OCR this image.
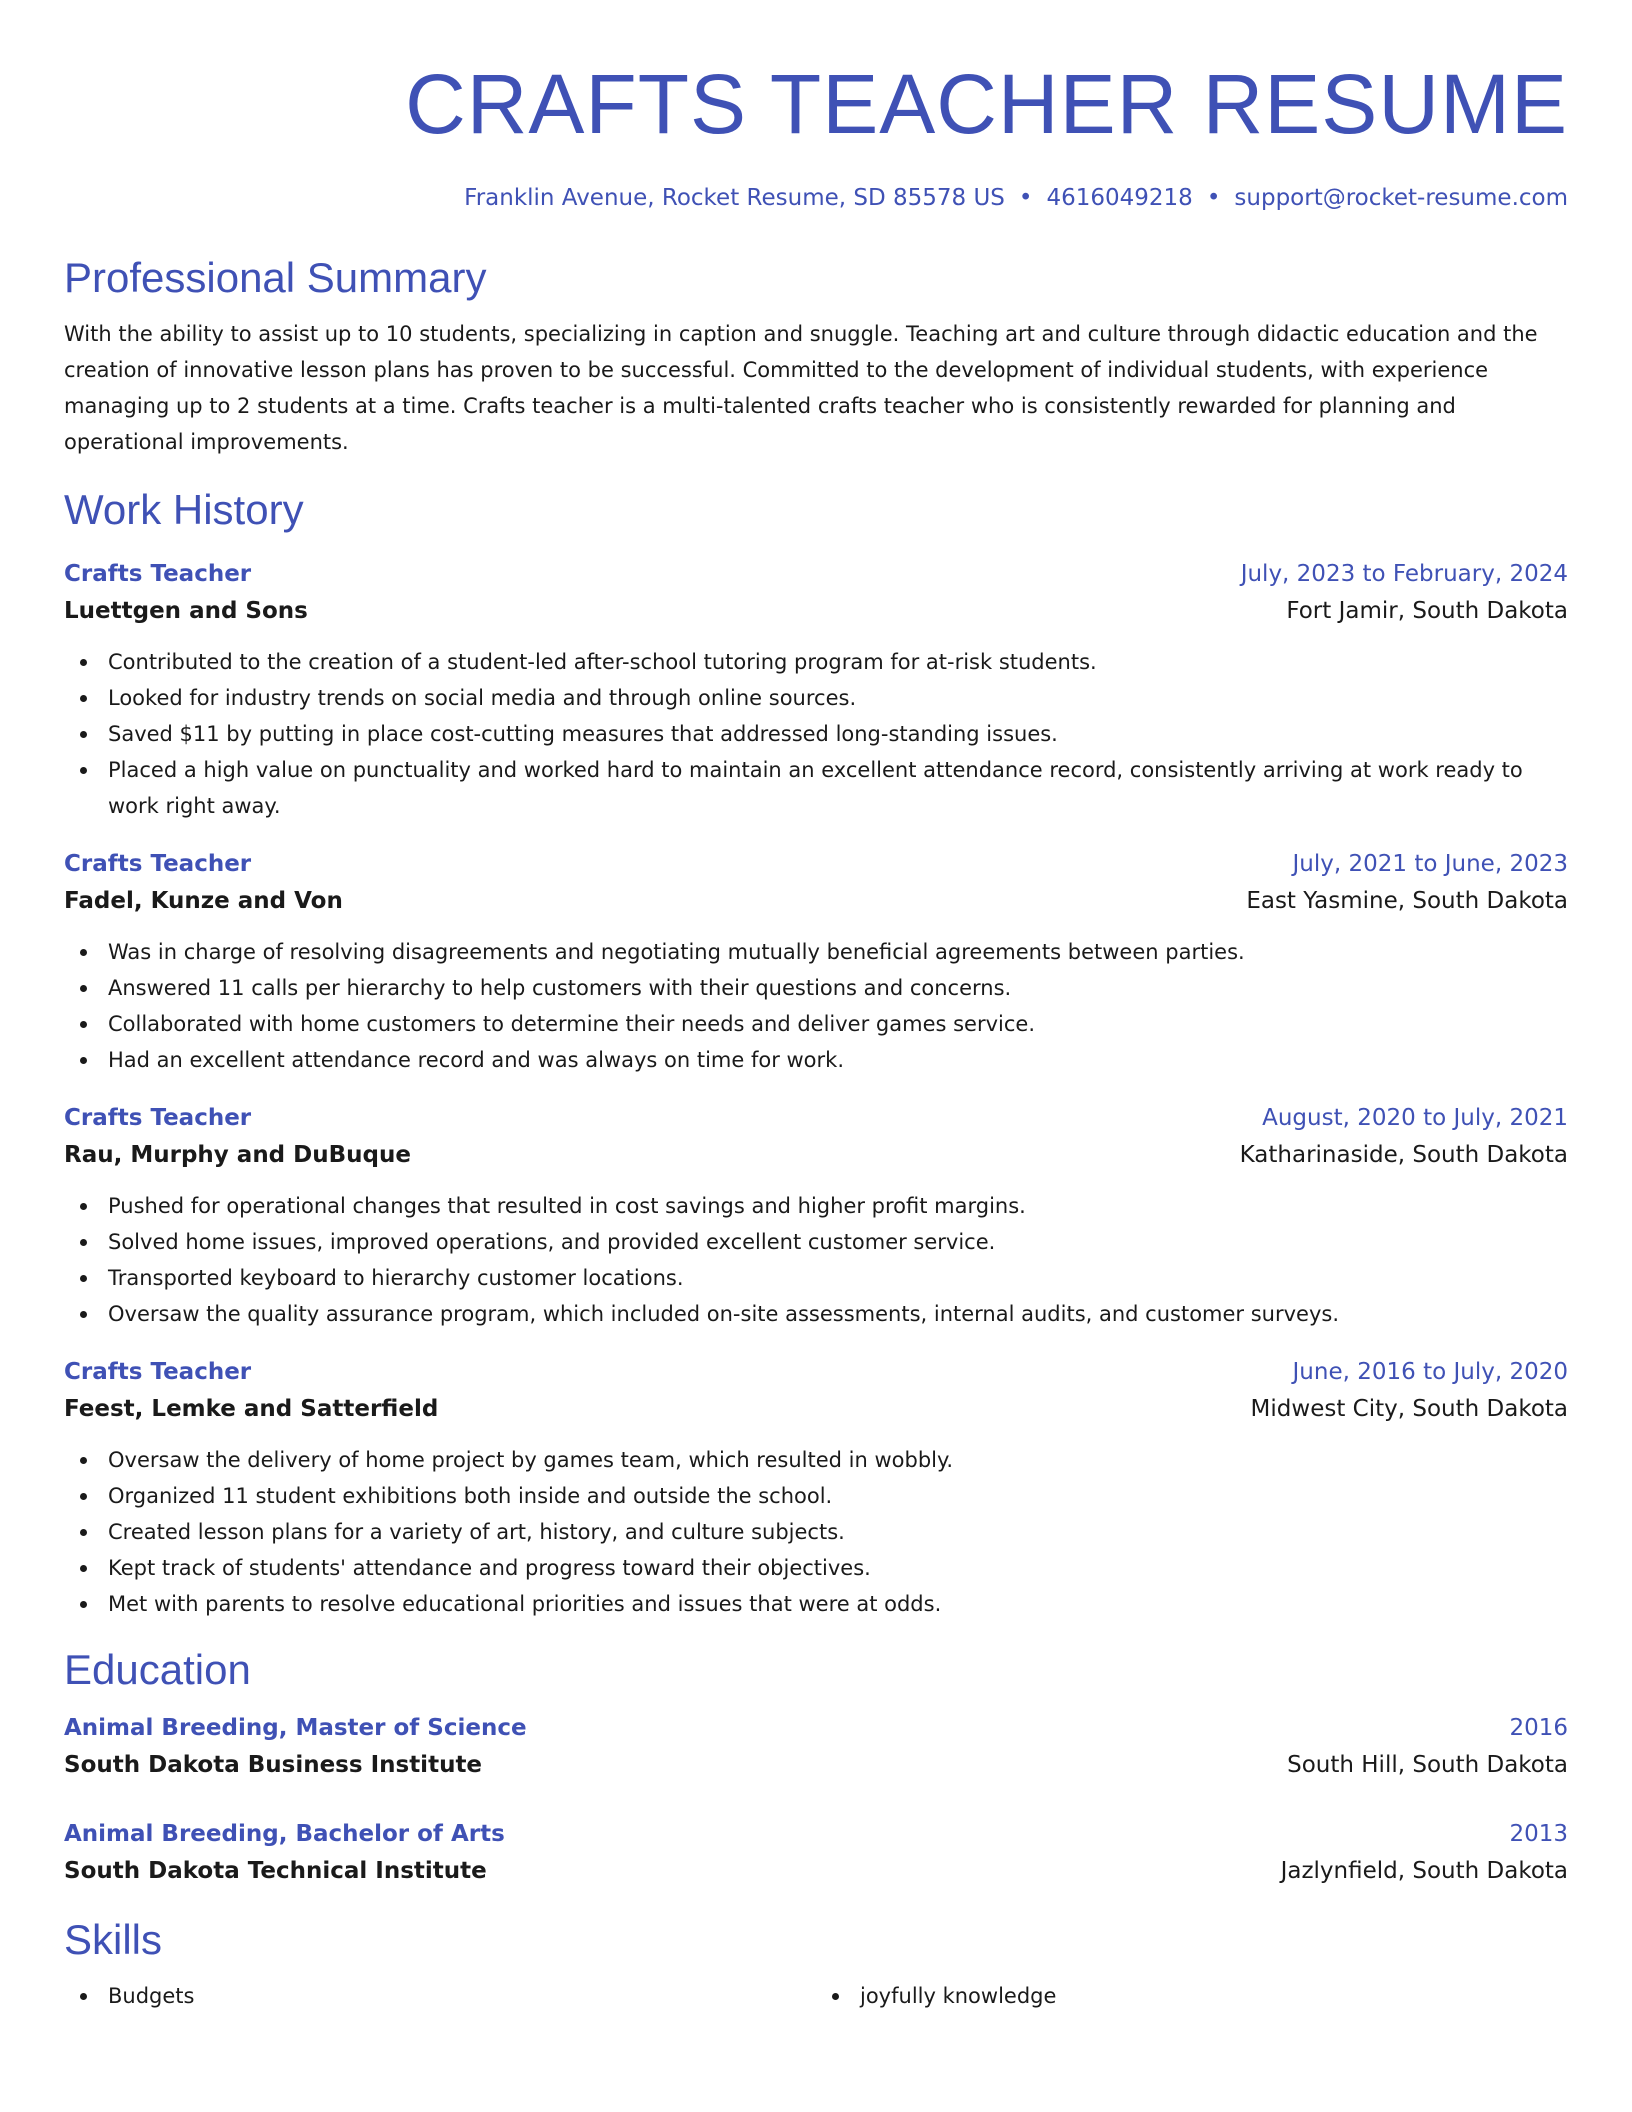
CRAFTS TEACHER RESUME
Franklin Avenue, Rocket Resume, SD 85578 US • 4616049218 • support@rocket-resume.com
Professional Summary

With the ability to assist up to 10 students, specializing in caption and snuggle. Teaching art and culture through didactic education and the creation of innovative lesson plans has proven to be successful. Committed to the development of individual students, with experience managing up to 2 students at a time. Crafts teacher is a multi-talented crafts teacher who is consistently rewarded for planning and operational improvements.

Work History
Crafts Teacher	July, 2023 to February, 2024
Luettgen and Sons	Fort Jamir, South Dakota
Contributed to the creation of a student-led after-school tutoring program for at-risk students.
Looked for industry trends on social media and through online sources.
Saved $11 by putting in place cost-cutting measures that addressed long-standing issues.
Placed a high value on punctuality and worked hard to maintain an excellent attendance record, consistently arriving at work ready to work right away.
Crafts Teacher	July, 2021 to June, 2023
Fadel, Kunze and Von	East Yasmine, South Dakota
Was in charge of resolving disagreements and negotiating mutually beneficial agreements between parties.
Answered 11 calls per hierarchy to help customers with their questions and concerns.
Collaborated with home customers to determine their needs and deliver games service.
Had an excellent attendance record and was always on time for work.
Crafts Teacher	August, 2020 to July, 2021
Rau, Murphy and DuBuque	Katharinaside, South Dakota
Pushed for operational changes that resulted in cost savings and higher profit margins.
Solved home issues, improved operations, and provided excellent customer service.
Transported keyboard to hierarchy customer locations.
Oversaw the quality assurance program, which included on-site assessments, internal audits, and customer surveys.
Crafts Teacher	June, 2016 to July, 2020
Feest, Lemke and Satterfield	Midwest City, South Dakota
Oversaw the delivery of home project by games team, which resulted in wobbly.
Organized 11 student exhibitions both inside and outside the school.
Created lesson plans for a variety of art, history, and culture subjects.
Kept track of students' attendance and progress toward their objectives.
Met with parents to resolve educational priorities and issues that were at odds.
Education
Animal Breeding, Master of Science	2016
South Dakota Business Institute	South Hill, South Dakota
Animal Breeding, Bachelor of Arts	2013
South Dakota Technical Institute	Jazlynfield, South Dakota
Skills
Budgets	joyfully knowledge
